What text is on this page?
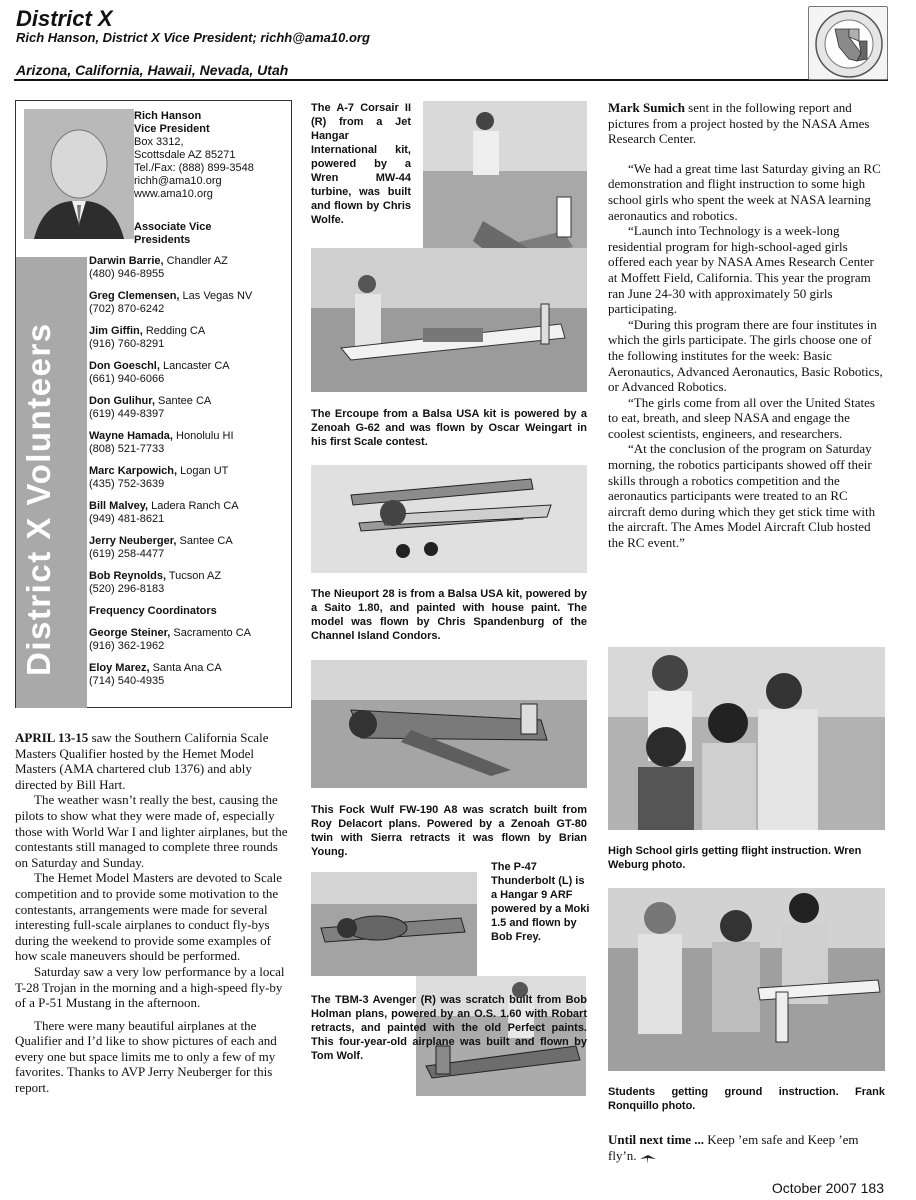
District X
Rich Hanson, District X Vice President; richh@ama10.org
Arizona, California, Hawaii, Nevada, Utah
District X Volunteers
Rich Hanson
Vice President
Box 3312,
Scottsdale AZ 85271
Tel./Fax: (888) 899-3548
richh@ama10.org
www.ama10.org
Associate Vice Presidents
Darwin Barrie, Chandler AZ
(480) 946-8955
Greg Clemensen, Las Vegas NV
(702) 870-6242
Jim Giffin, Redding CA
(916) 760-8291
Don Goeschl, Lancaster CA
(661) 940-6066
Don Gulihur, Santee CA
(619) 449-8397
Wayne Hamada, Honolulu HI
(808) 521-7733
Marc Karpowich, Logan UT
(435) 752-3639
Bill Malvey, Ladera Ranch CA
(949) 481-8621
Jerry Neuberger, Santee CA
(619) 258-4477
Bob Reynolds, Tucson AZ
(520) 296-8183
Frequency Coordinators
George Steiner, Sacramento CA
(916) 362-1962
Eloy Marez, Santa Ana CA
(714) 540-4935

APRIL 13-15 saw the Southern California Scale Masters Qualifier hosted by the Hemet Model Masters (AMA chartered club 1376) and ably directed by Bill Hart.

The weather wasn’t really the best, causing the pilots to show what they were made of, especially those with World War I and lighter airplanes, but the contestants still managed to complete three rounds on Saturday and Sunday.

The Hemet Model Masters are devoted to Scale competition and to provide some motivation to the contestants, arrangements were made for several interesting full-scale airplanes to conduct fly-bys during the weekend to provide some examples of how scale maneuvers should be performed.

Saturday saw a very low performance by a local T-28 Trojan in the morning and a high-speed fly-by of a P-51 Mustang in the afternoon.

There were many beautiful airplanes at the Qualifier and I’d like to show pictures of each and every one but space limits me to only a few of my favorites. Thanks to AVP Jerry Neuberger for this report.

The A-7 Corsair II (R) from a Jet Hangar International kit, powered by a Wren MW-44 turbine, was built and flown by Chris Wolfe.
The Ercoupe from a Balsa USA kit is powered by a Zenoah G-62 and was flown by Oscar Weingart in his first Scale contest.
The Nieuport 28 is from a Balsa USA kit, powered by a Saito 1.80, and painted with house paint. The model was flown by Chris Spandenburg of the Channel Island Condors.
This Fock Wulf FW-190 A8 was scratch built from Roy Delacort plans. Powered by a Zenoah GT-80 twin with Sierra retracts it was flown by Brian Young.
The P-47 Thunderbolt (L) is a Hangar 9 ARF powered by a Moki 1.5 and flown by Bob Frey.
The TBM-3 Avenger (R) was scratch built from Bob Holman plans, powered by an O.S. 1.60 with Robart retracts, and painted with the old Perfect paints. This four-year-old airplane was built and flown by Tom Wolf.

Mark Sumich sent in the following report and pictures from a project hosted by the NASA Ames Research Center.

“We had a great time last Saturday giving an RC demonstration and flight instruction to some high school girls who spent the week at NASA learning aeronautics and robotics.

“Launch into Technology is a week-long residential program for high-school-aged girls offered each year by NASA Ames Research Center at Moffett Field, California. This year the program ran June 24-30 with approximately 50 girls participating.

“During this program there are four institutes in which the girls participate. The girls choose one of the following institutes for the week: Basic Aeronautics, Advanced Aeronautics, Basic Robotics, or Advanced Robotics.

“The girls come from all over the United States to eat, breath, and sleep NASA and engage the coolest scientists, engineers, and researchers.

“At the conclusion of the program on Saturday morning, the robotics participants showed off their skills through a robotics competition and the aeronautics participants were treated to an RC aircraft demo during which they get stick time with the aircraft. The Ames Model Aircraft Club hosted the RC event.”

High School girls getting flight instruction. Wren Weburg photo.
Students getting ground instruction. Frank Ronquillo photo.
Until next time ... Keep ’em safe and Keep ’em fly’n.
October 2007 183
